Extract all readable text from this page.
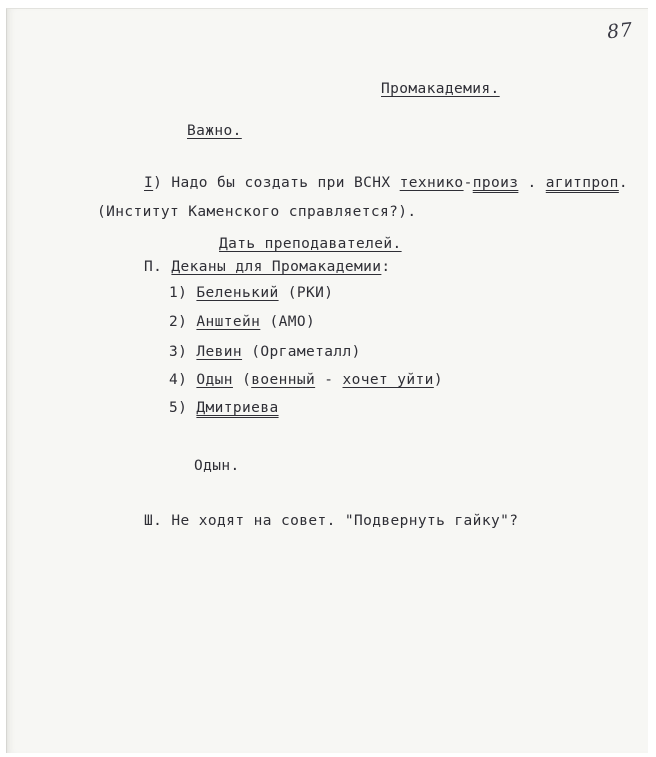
87
Промакадемия.
Важно.
I) Надо бы создать при ВСНХ технико-произ . агитпроп.
(Институт Каменского справляется?).
Дать преподавателей.
П. Деканы для Промакадемии:
1) Беленький (РКИ)
2) Анштейн (АМО)
3) Левин (Оргаметалл)
4) Одын (военный - хочет уйти)
5) Дмитриева
Одын.
Ш. Не ходят на совет. "Подвернуть гайку"?
